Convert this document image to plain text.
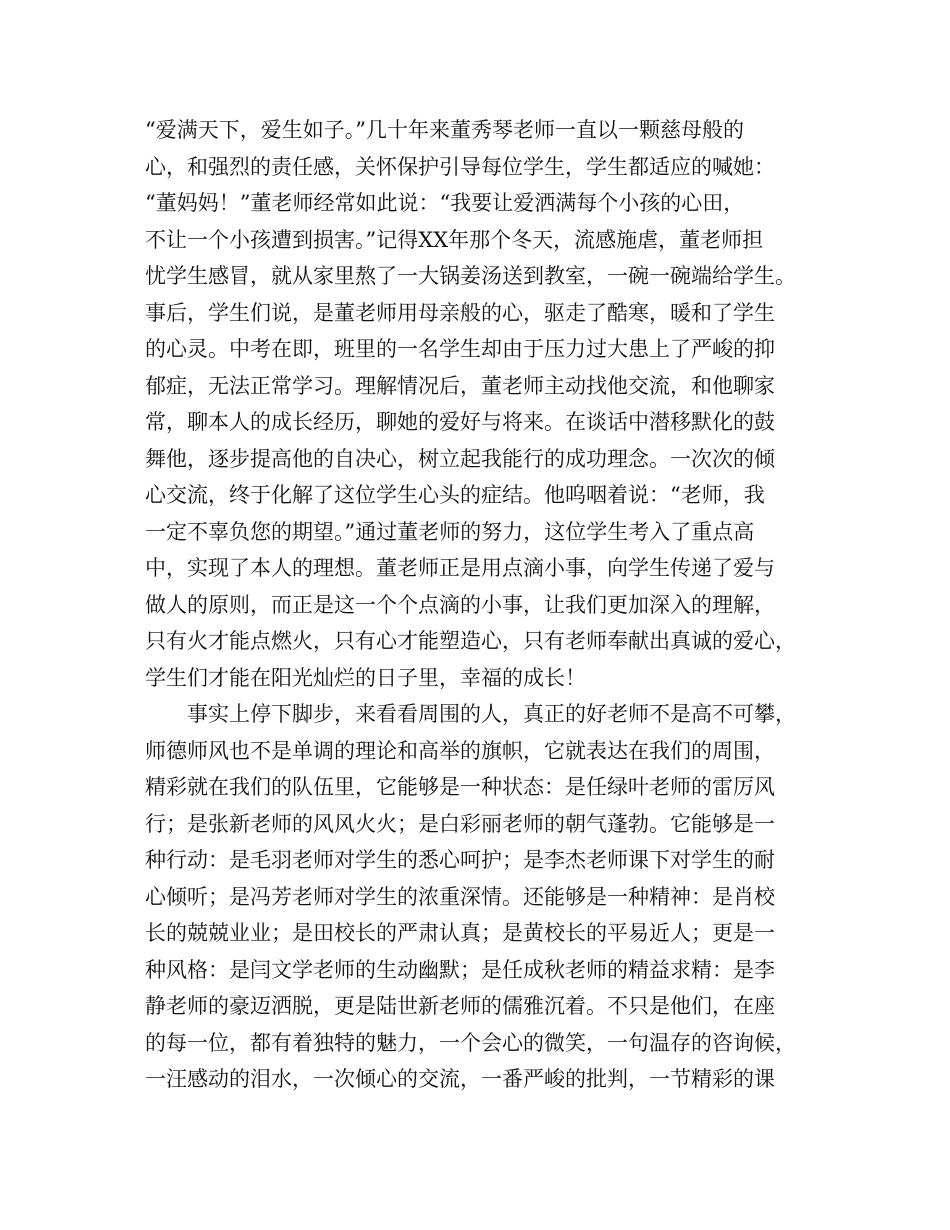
“爱满天下，爱生如子。”几十年来董秀琴老师一直以一颗慈母般的
心，和强烈的责任感，关怀保护引导每位学生，学生都适应的喊她：
“董妈妈！”董老师经常如此说：“我要让爱洒满每个小孩的心田，
不让一个小孩遭到损害。”记得XX年那个冬天，流感施虐，董老师担
忧学生感冒，就从家里熬了一大锅姜汤送到教室，一碗一碗端给学生。
事后，学生们说，是董老师用母亲般的心，驱走了酷寒，暖和了学生
的心灵。中考在即，班里的一名学生却由于压力过大患上了严峻的抑
郁症，无法正常学习。理解情况后，董老师主动找他交流，和他聊家
常，聊本人的成长经历，聊她的爱好与将来。在谈话中潜移默化的鼓
舞他，逐步提高他的自决心，树立起我能行的成功理念。一次次的倾
心交流，终于化解了这位学生心头的症结。他呜咽着说：“老师，我
一定不辜负您的期望。”通过董老师的努力，这位学生考入了重点高
中，实现了本人的理想。董老师正是用点滴小事，向学生传递了爱与
做人的原则，而正是这一个个点滴的小事，让我们更加深入的理解，
只有火才能点燃火，只有心才能塑造心，只有老师奉献出真诚的爱心，
学生们才能在阳光灿烂的日子里，幸福的成长！
事实上停下脚步，来看看周围的人，真正的好老师不是高不可攀，
师德师风也不是单调的理论和高举的旗帜，它就表达在我们的周围，
精彩就在我们的队伍里，它能够是一种状态：是任绿叶老师的雷厉风
行；是张新老师的风风火火；是白彩丽老师的朝气蓬勃。它能够是一
种行动：是毛羽老师对学生的悉心呵护；是李杰老师课下对学生的耐
心倾听；是冯芳老师对学生的浓重深情。还能够是一种精神：是肖校
长的兢兢业业；是田校长的严肃认真；是黄校长的平易近人；更是一
种风格：是闫文学老师的生动幽默；是任成秋老师的精益求精：是李
静老师的豪迈洒脱，更是陆世新老师的儒雅沉着。不只是他们，在座
的每一位，都有着独特的魅力，一个会心的微笑，一句温存的咨询候，
一汪感动的泪水，一次倾心的交流，一番严峻的批判，一节精彩的课
